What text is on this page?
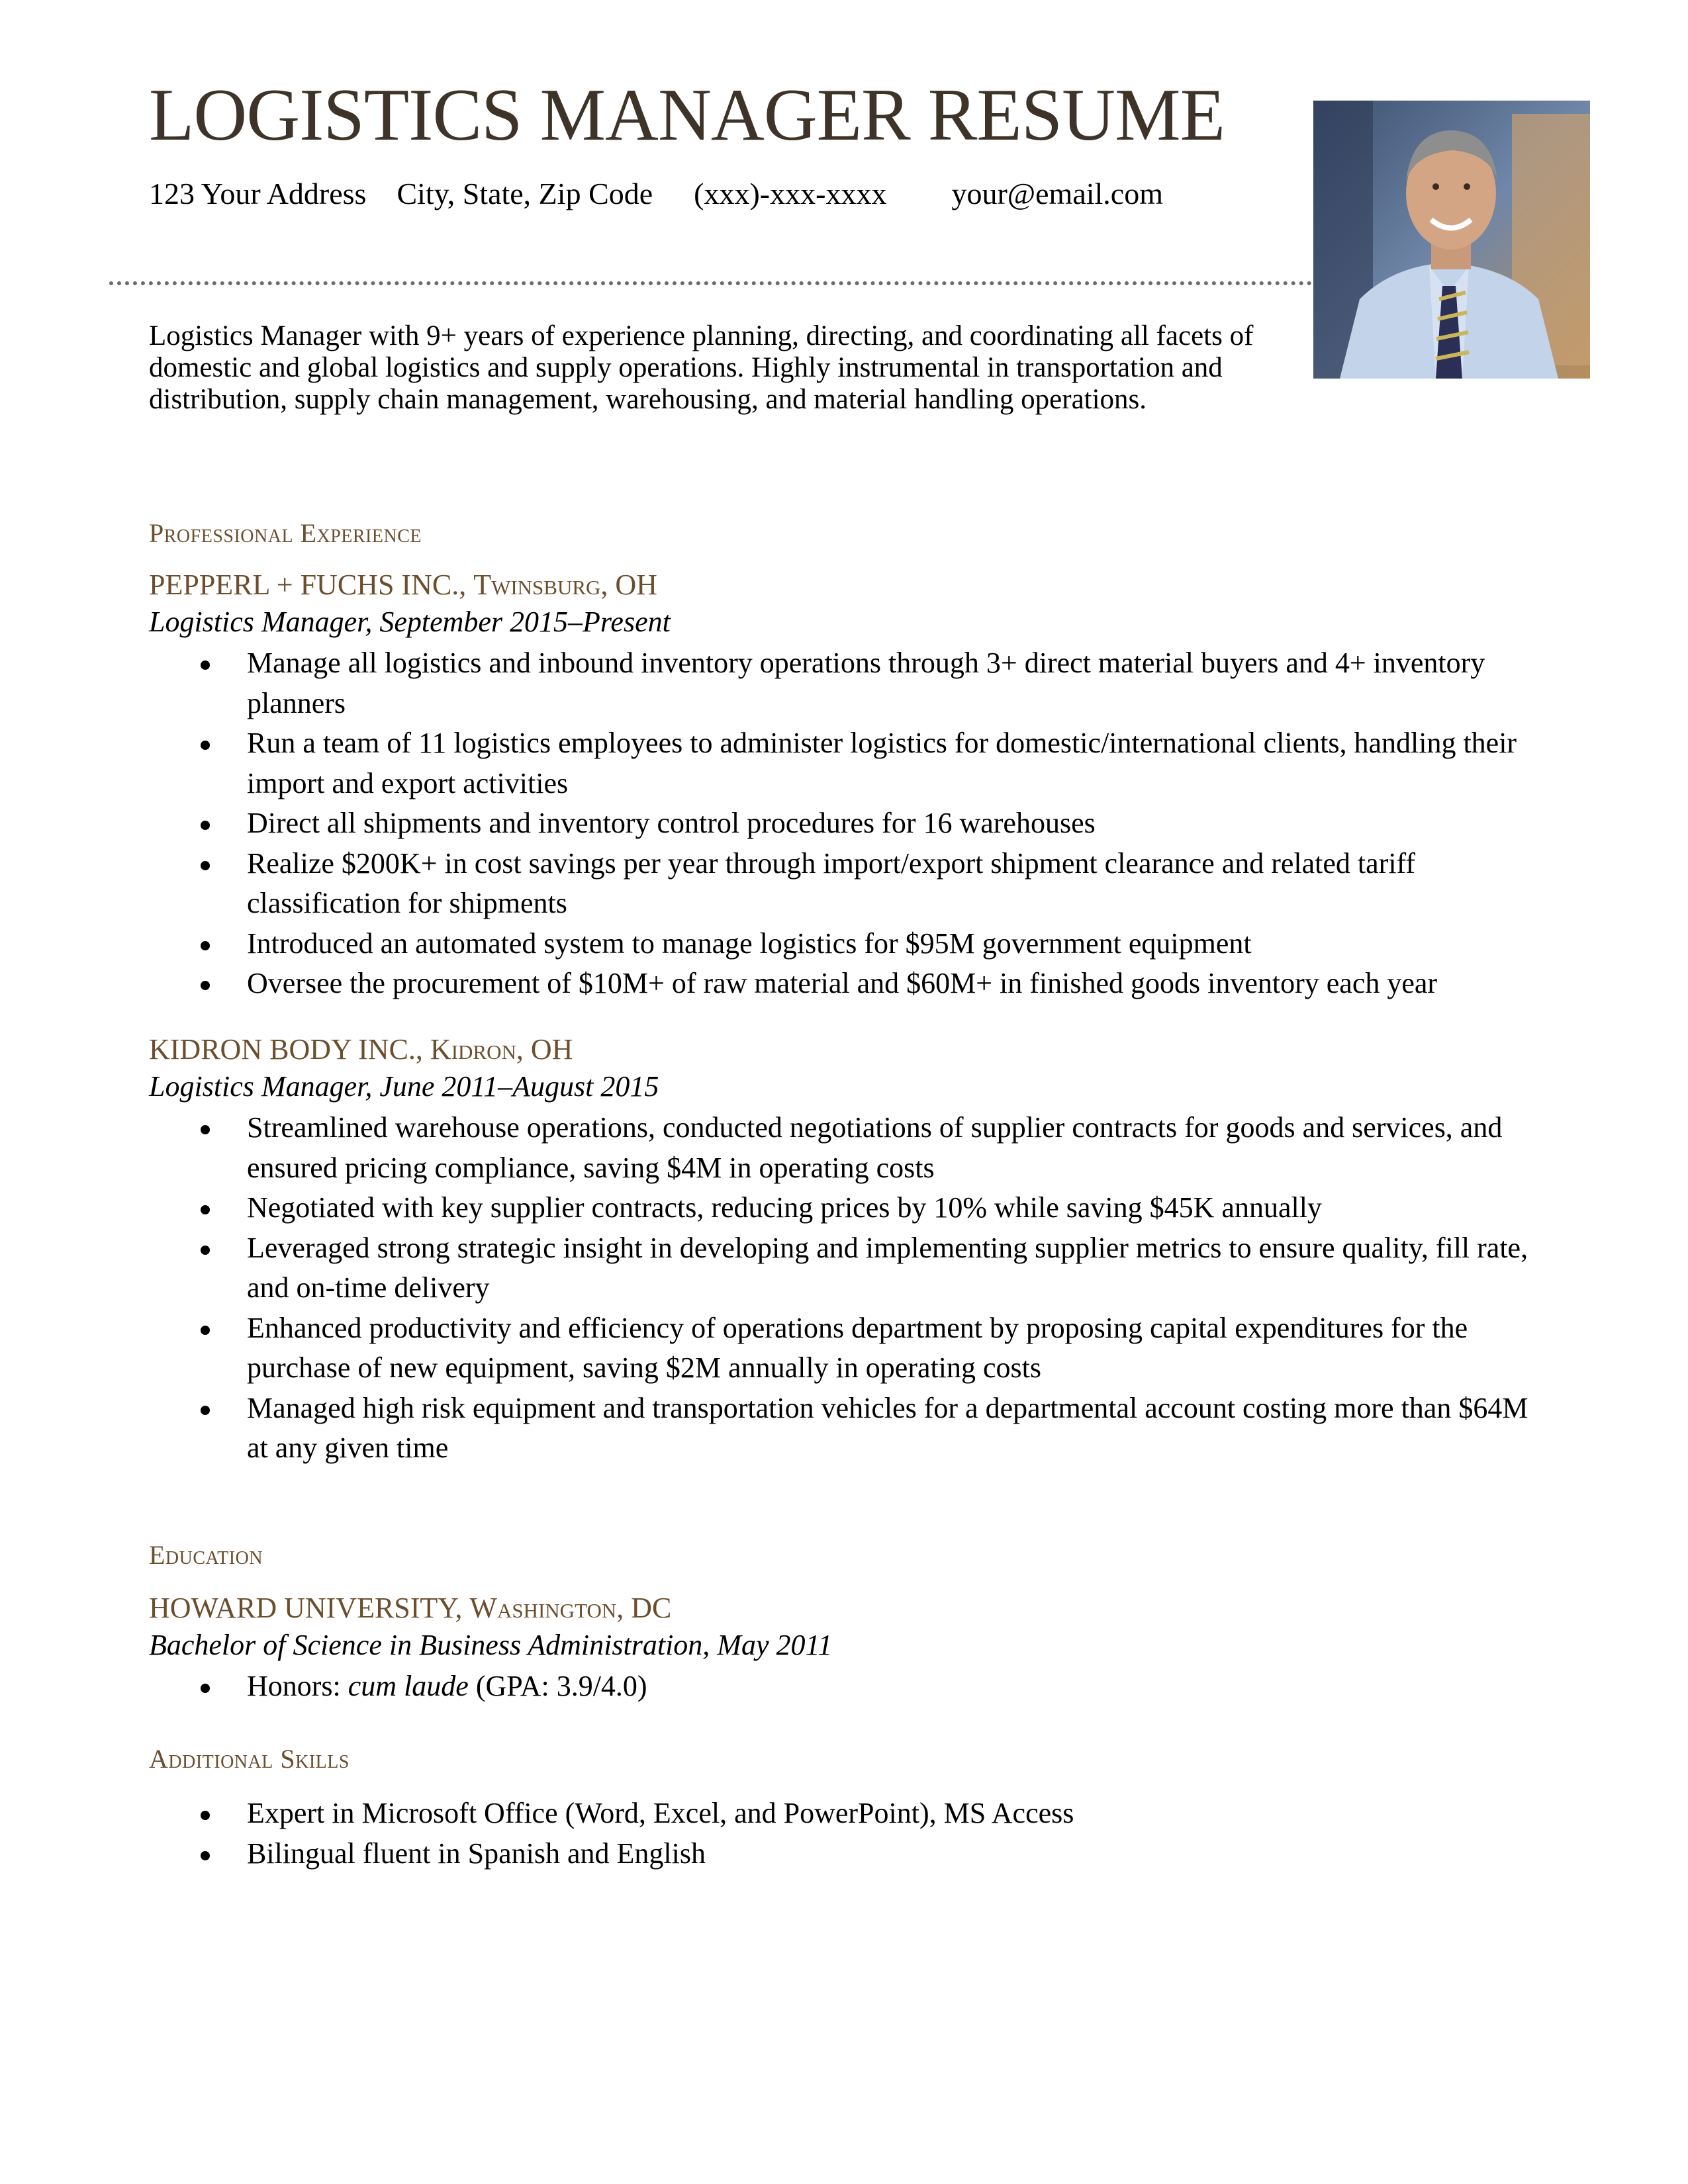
LOGISTICS MANAGER RESUME
123 Your Address City, State, Zip Code (xxx)-xxx-xxxx your@email.com
Logistics Manager with 9+ years of experience planning, directing, and coordinating all facets of domestic and global logistics and supply operations. Highly instrumental in transportation and distribution, supply chain management, warehousing, and material handling operations.
Professional Experience
PEPPERL + FUCHS INC., Twinsburg, OH
Logistics Manager, September 2015–Present
Manage all logistics and inbound inventory operations through 3+ direct material buyers and 4+ inventory planners
Run a team of 11 logistics employees to administer logistics for domestic/international clients, handling their import and export activities
Direct all shipments and inventory control procedures for 16 warehouses
Realize $200K+ in cost savings per year through import/export shipment clearance and related tariff classification for shipments
Introduced an automated system to manage logistics for $95M government equipment
Oversee the procurement of $10M+ of raw material and $60M+ in finished goods inventory each year
KIDRON BODY INC., Kidron, OH
Logistics Manager, June 2011–August 2015
Streamlined warehouse operations, conducted negotiations of supplier contracts for goods and services, and ensured pricing compliance, saving $4M in operating costs
Negotiated with key supplier contracts, reducing prices by 10% while saving $45K annually
Leveraged strong strategic insight in developing and implementing supplier metrics to ensure quality, fill rate, and on-time delivery
Enhanced productivity and efficiency of operations department by proposing capital expenditures for the purchase of new equipment, saving $2M annually in operating costs
Managed high risk equipment and transportation vehicles for a departmental account costing more than $64M at any given time
Education
HOWARD UNIVERSITY, Washington, DC
Bachelor of Science in Business Administration, May 2011
Honors: cum laude (GPA: 3.9/4.0)
Additional Skills
Expert in Microsoft Office (Word, Excel, and PowerPoint), MS Access
Bilingual fluent in Spanish and English
